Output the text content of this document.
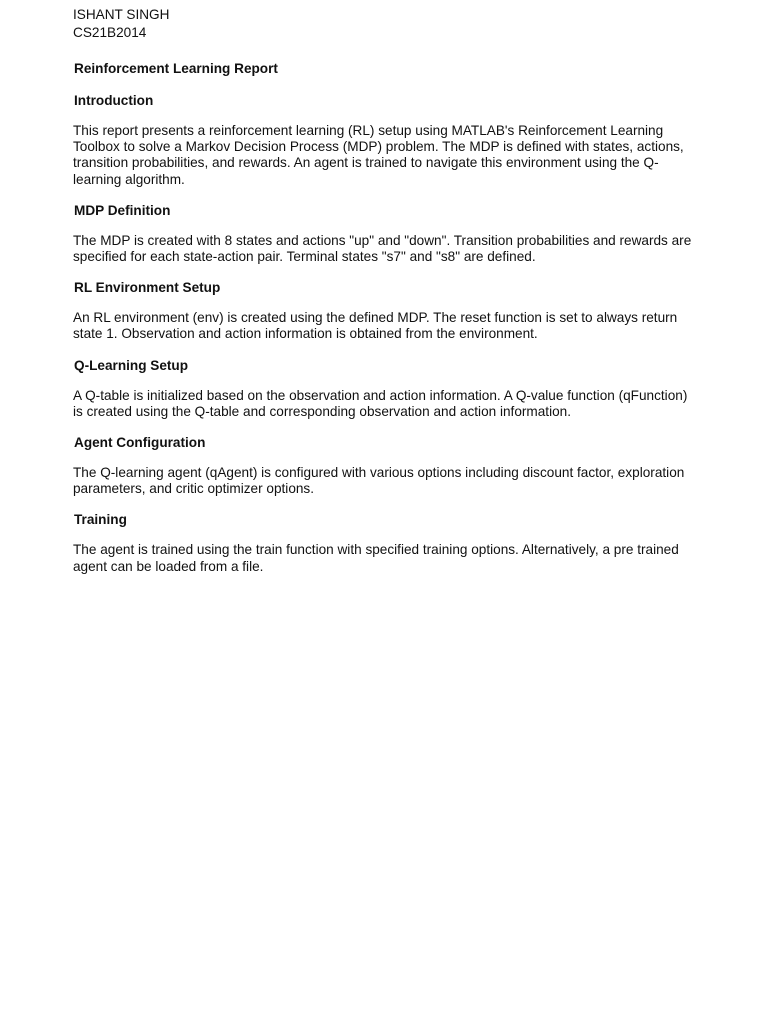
ISHANT SINGH

CS21B2014

Reinforcement Learning Report
Introduction

This report presents a reinforcement learning (RL) setup using MATLAB's Reinforcement Learning Toolbox to solve a Markov Decision Process (MDP) problem. The MDP is defined with states, actions, transition probabilities, and rewards. An agent is trained to navigate this environment using the Q-learning algorithm.

MDP Definition

The MDP is created with 8 states and actions "up" and "down". Transition probabilities and rewards are specified for each state-action pair. Terminal states "s7" and "s8" are defined.

RL Environment Setup

An RL environment (env) is created using the defined MDP. The reset function is set to always return state 1. Observation and action information is obtained from the environment.

Q-Learning Setup

A Q-table is initialized based on the observation and action information. A Q-value function (qFunction) is created using the Q-table and corresponding observation and action information.

Agent Configuration

The Q-learning agent (qAgent) is configured with various options including discount factor, exploration parameters, and critic optimizer options.

Training

The agent is trained using the train function with specified training options. Alternatively, a pre trained agent can be loaded from a file.
